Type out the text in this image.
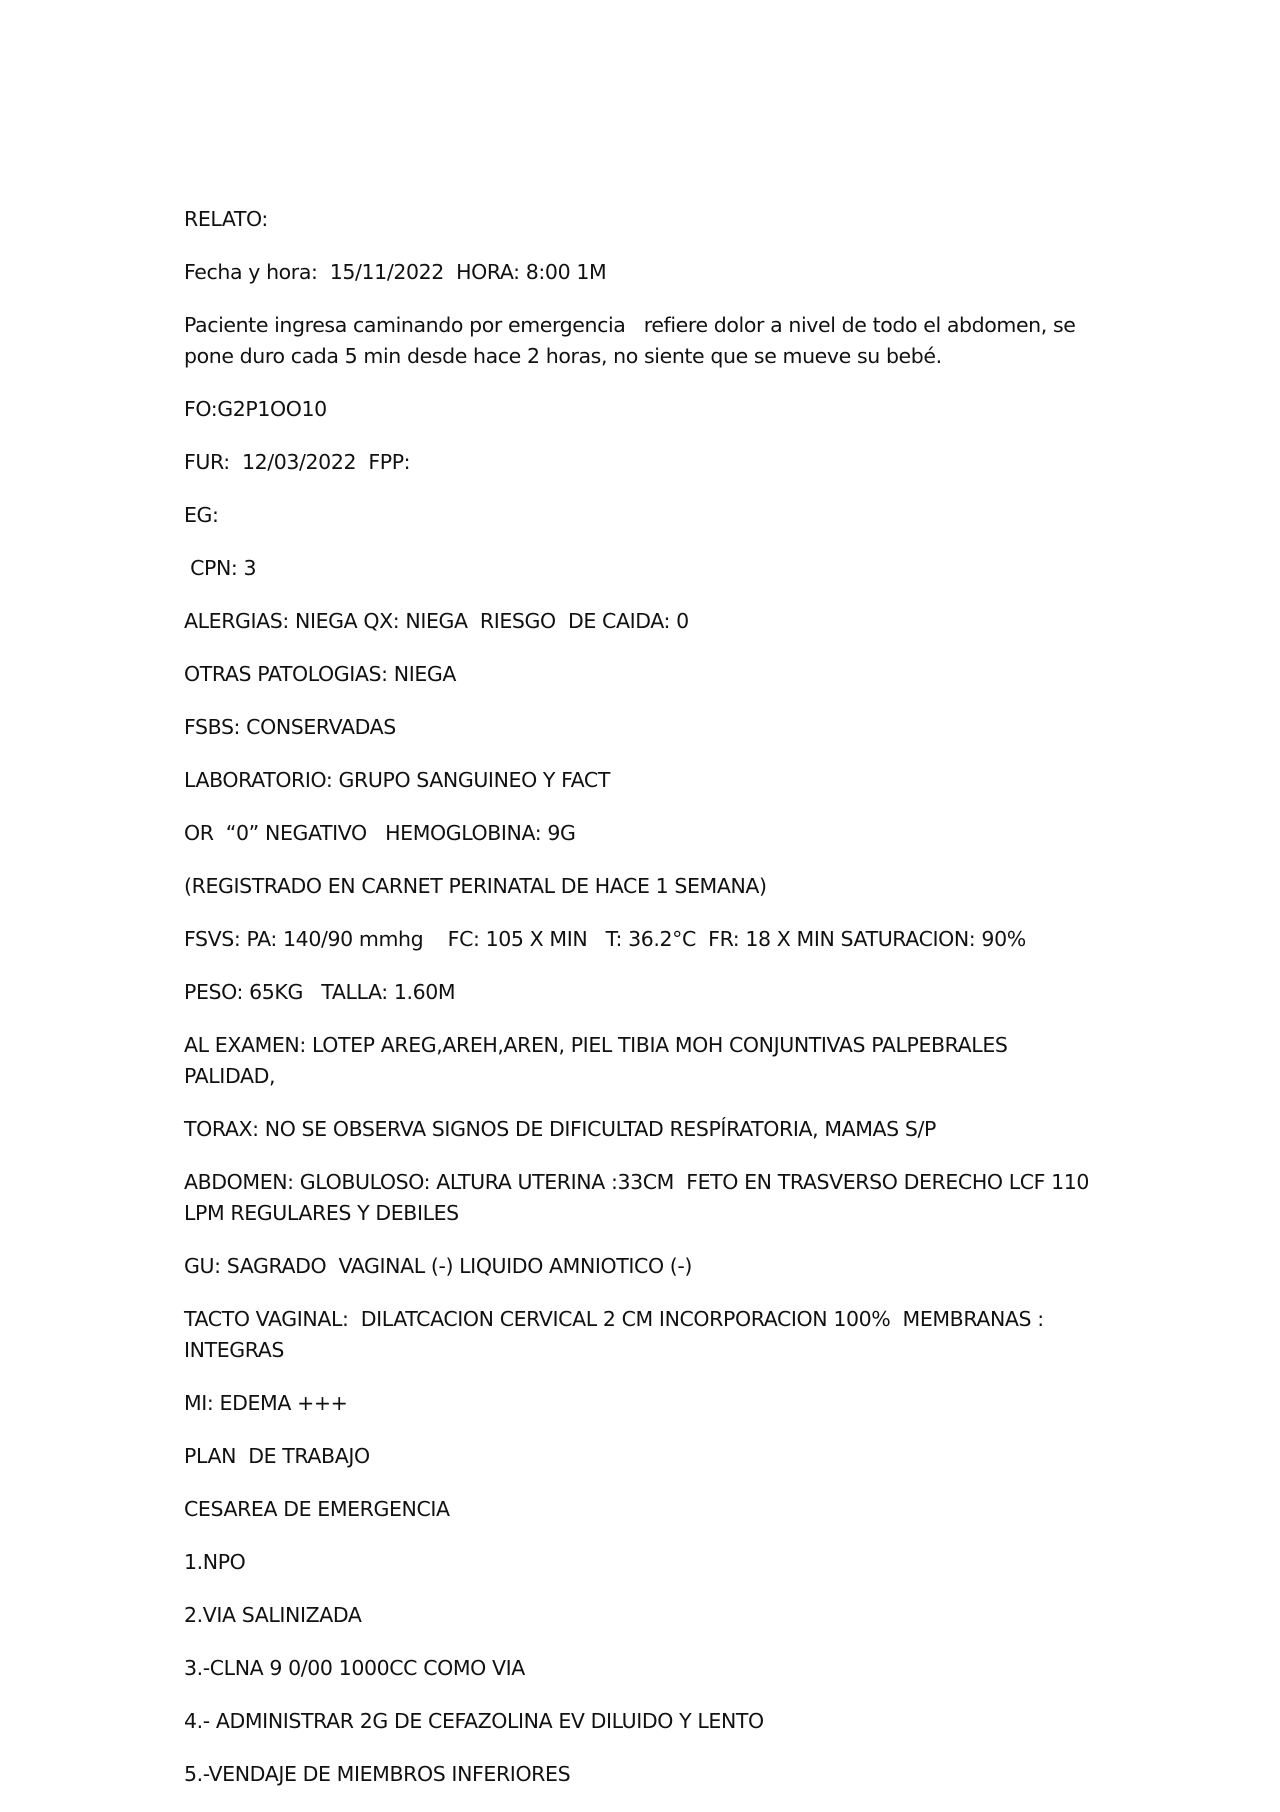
RELATO:

Fecha y hora:  15/11/2022  HORA: 8:00 1M

Paciente ingresa caminando por emergencia   refiere dolor a nivel de todo el abdomen, se pone duro cada 5 min desde hace 2 horas, no siente que se mueve su bebé.

FO:G2P1OO10

FUR:  12/03/2022  FPP:

EG:

CPN: 3

ALERGIAS: NIEGA QX: NIEGA  RIESGO  DE CAIDA: 0

OTRAS PATOLOGIAS: NIEGA

FSBS: CONSERVADAS

LABORATORIO: GRUPO SANGUINEO Y FACT

OR  “0” NEGATIVO   HEMOGLOBINA: 9G

(REGISTRADO EN CARNET PERINATAL DE HACE 1 SEMANA)

FSVS: PA: 140/90 mmhg    FC: 105 X MIN   T: 36.2°C  FR: 18 X MIN SATURACION: 90%

PESO: 65KG   TALLA: 1.60M

AL EXAMEN: LOTEP AREG,AREH,AREN, PIEL TIBIA MOH CONJUNTIVAS PALPEBRALES PALIDAD,

TORAX: NO SE OBSERVA SIGNOS DE DIFICULTAD RESPÍRATORIA, MAMAS S/P

ABDOMEN: GLOBULOSO: ALTURA UTERINA :33CM  FETO EN TRASVERSO DERECHO LCF 110 LPM REGULARES Y DEBILES

GU: SAGRADO  VAGINAL (-) LIQUIDO AMNIOTICO (-)

TACTO VAGINAL:  DILATCACION CERVICAL 2 CM INCORPORACION 100%  MEMBRANAS : INTEGRAS

MI: EDEMA +++

PLAN  DE TRABAJO

CESAREA DE EMERGENCIA

1.NPO

2.VIA SALINIZADA

3.-CLNA 9 0/00 1000CC COMO VIA

4.- ADMINISTRAR 2G DE CEFAZOLINA EV DILUIDO Y LENTO

5.-VENDAJE DE MIEMBROS INFERIORES
